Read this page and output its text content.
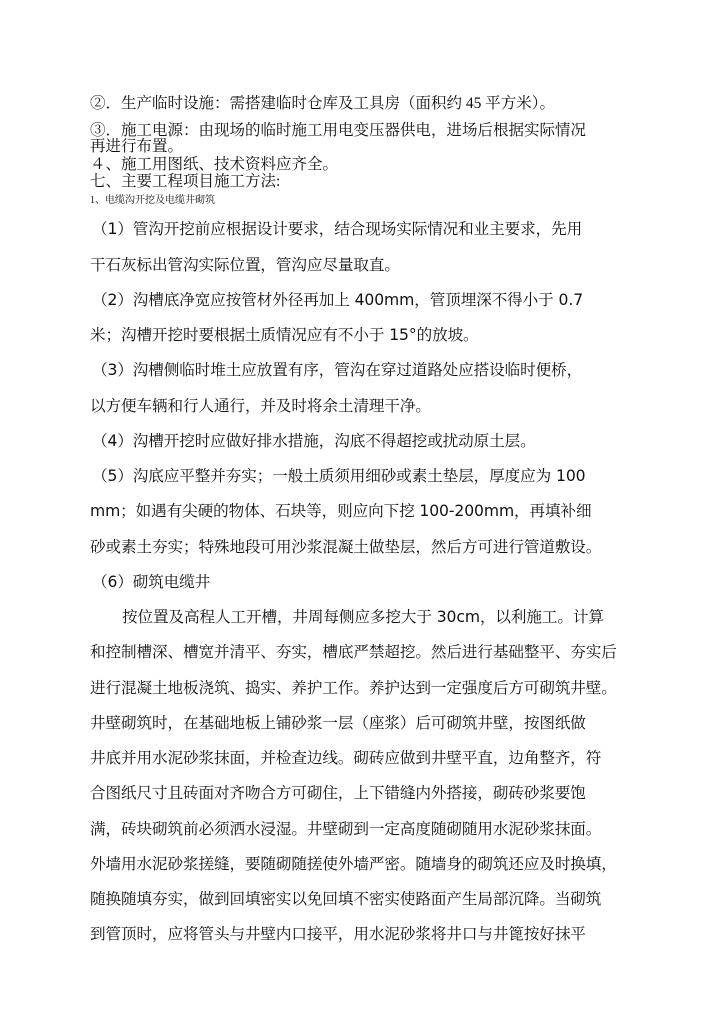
②．生产临时设施：需搭建临时仓库及工具房（面积约 45 平方米）。
③．施工电源：由现场的临时施工用电变压器供电，进场后根据实际情况
再进行布置。
４、施工用图纸、技术资料应齐全。
七、主要工程项目施工方法:
1、电缆沟开挖及电缆井砌筑
（1）管沟开挖前应根据设计要求，结合现场实际情况和业主要求，先用
干石灰标出管沟实际位置，管沟应尽量取直。
（2）沟槽底净宽应按管材外径再加上 400mm，管顶埋深不得小于 0.7
米；沟槽开挖时要根据土质情况应有不小于 15°的放坡。
（3）沟槽侧临时堆土应放置有序，管沟在穿过道路处应搭设临时便桥，
以方便车辆和行人通行，并及时将余土清理干净。
（4）沟槽开挖时应做好排水措施，沟底不得超挖或扰动原土层。
（5）沟底应平整并夯实；一般土质须用细砂或素土垫层，厚度应为 100
mm；如遇有尖硬的物体、石块等，则应向下挖 100-200mm，再填补细
砂或素土夯实；特殊地段可用沙浆混凝土做垫层，然后方可进行管道敷设。
（6）砌筑电缆井
按位置及高程人工开槽，井周每侧应多挖大于 30cm，以利施工。计算
和控制槽深、槽宽并清平、夯实，槽底严禁超挖。然后进行基础整平、夯实后
进行混凝土地板浇筑、捣实、养护工作。养护达到一定强度后方可砌筑井壁。
井壁砌筑时，在基础地板上铺砂浆一层（座浆）后可砌筑井壁，按图纸做
井底并用水泥砂浆抹面，并检查边线。砌砖应做到井壁平直，边角整齐，符
合图纸尺寸且砖面对齐吻合方可砌住，上下错缝内外搭接，砌砖砂浆要饱
满，砖块砌筑前必须洒水浸湿。井壁砌到一定高度随砌随用水泥砂浆抹面。
外墙用水泥砂浆搓缝，要随砌随搓使外墙严密。随墙身的砌筑还应及时换填，
随换随填夯实，做到回填密实以免回填不密实使路面产生局部沉降。当砌筑
到管顶时，应将管头与井壁内口接平，用水泥砂浆将井口与井篦按好抹平
